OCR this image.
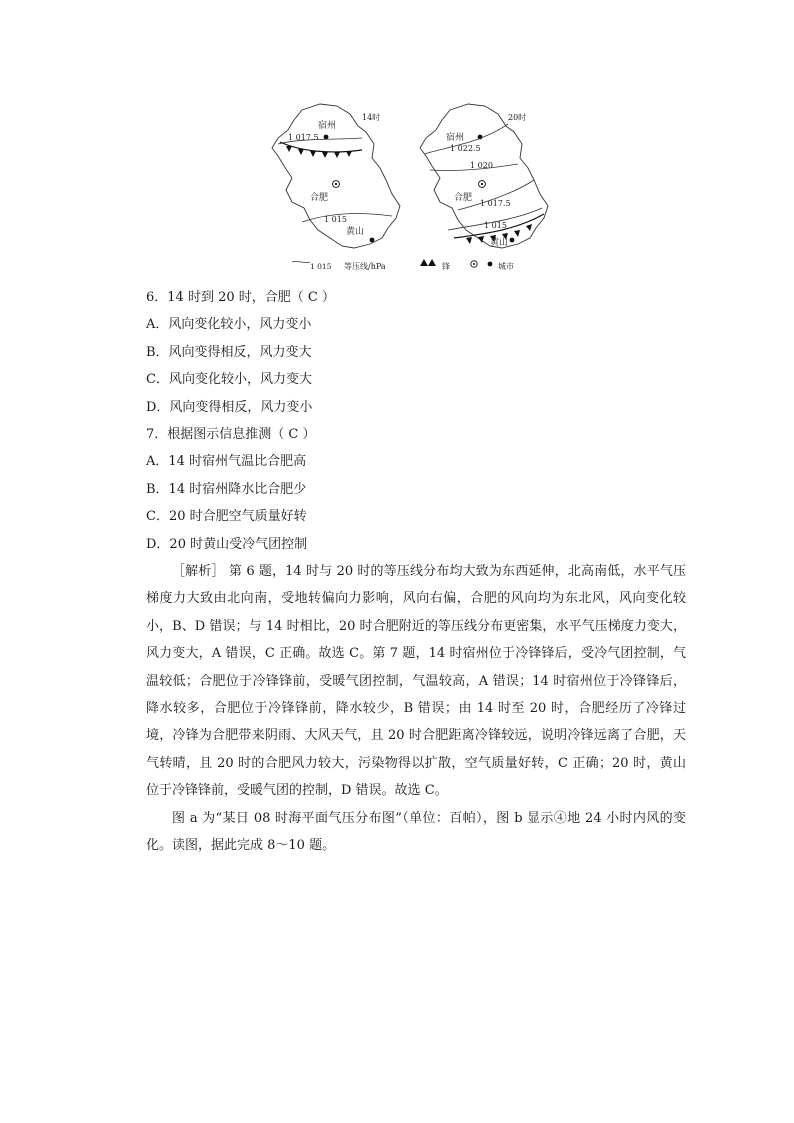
14时
宿州
1 017.5
合肥
1 015
黄山
20时
宿州
1 022.5
1 020
合肥
1 017.5
1 015
黄山
1 015 等压线/hPa	锋	城市
6．14 时到 20 时，合肥（ C ）
A．风向变化较小，风力变小
B．风向变得相反，风力变大
C．风向变化较小，风力变大
D．风向变得相反，风力变小
7．根据图示信息推测（ C ）
A．14 时宿州气温比合肥高
B．14 时宿州降水比合肥少
C．20 时合肥空气质量好转
D．20 时黄山受冷气团控制

［解析］ 第 6 题，14 时与 20 时的等压线分布均大致为东西延伸，北高南低，水平气压梯度力大致由北向南，受地转偏向力影响，风向右偏，合肥的风向均为东北风，风向变化较小，B、D 错误；与 14 时相比，20 时合肥附近的等压线分布更密集，水平气压梯度力变大，风力变大，A 错误，C 正确。故选 C。第 7 题，14 时宿州位于冷锋锋后，受冷气团控制，气温较低；合肥位于冷锋锋前，受暖气团控制，气温较高，A 错误；14 时宿州位于冷锋锋后，降水较多，合肥位于冷锋锋前，降水较少，B 错误；由 14 时至 20 时，合肥经历了冷锋过境，冷锋为合肥带来阴雨、大风天气，且 20 时合肥距离冷锋较远，说明冷锋远离了合肥，天气转晴，且 20 时的合肥风力较大，污染物得以扩散，空气质量好转，C 正确；20 时，黄山位于冷锋锋前，受暖气团的控制，D 错误。故选 C。

图 a 为“某日 08 时海平面气压分布图”（单位：百帕），图 b 显示④地 24 小时内风的变化。读图，据此完成 8～10 题。
